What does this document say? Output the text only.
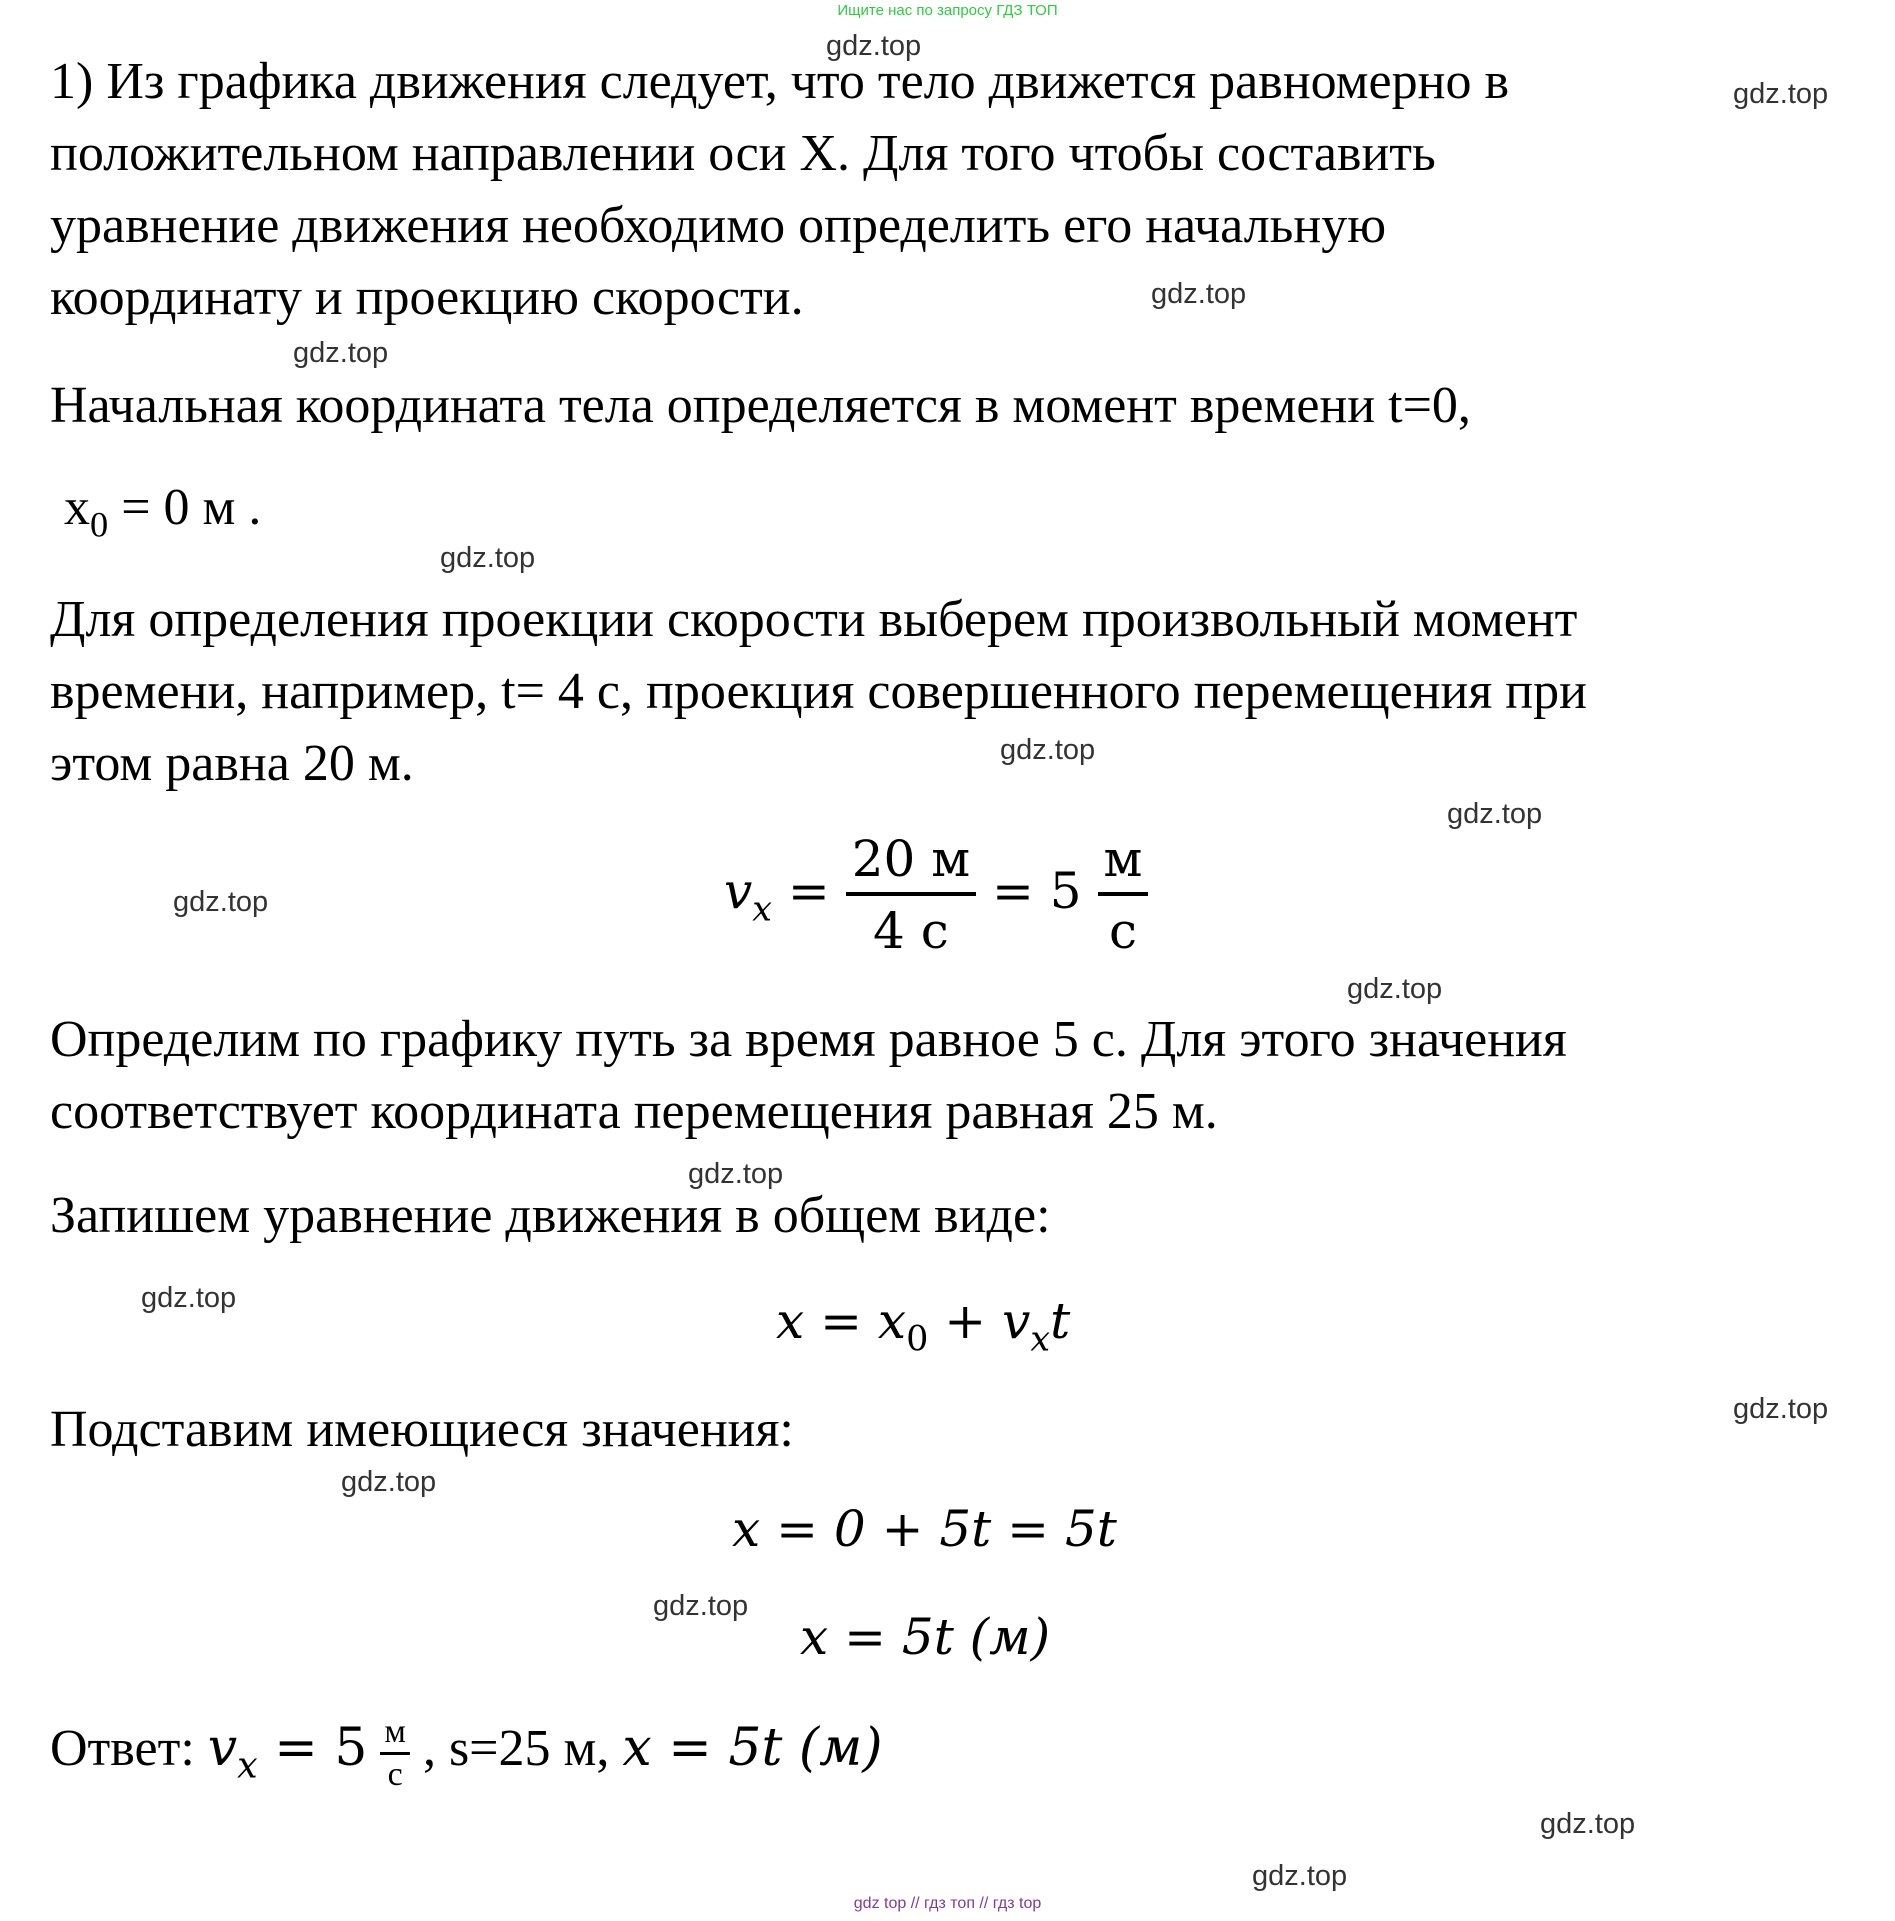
Ищите нас по запросу ГДЗ ТОП
gdz.top
gdz.top
gdz.top
gdz.top
gdz.top
gdz.top
gdz.top
gdz.top
gdz.top
gdz.top
gdz.top
gdz.top
gdz.top
gdz.top
gdz.top
gdz.top
1) Из графика движения следует, что тело движется равномерно в
положительном направлении оси X. Для того чтобы составить
уравнение движения необходимо определить его начальную
координату и проекцию скорости.
Начальная координата тела определяется в момент времени t=0,
$x_0 = 0$ м .
Для определения проекции скорости выберем произвольный момент
времени, например, t= 4 с, проекция совершенного перемещения при
этом равна 20 м.
$v_x = \frac{20 м}{4 с} = 5 \frac{м}{с}$
Определим по графику путь за время равное 5 с. Для этого значения
соответствует координата перемещения равная 25 м.
Запишем уравнение движения в общем виде:
$x = x_0 + v_xt$
Подставим имеющиеся значения:
x = 0 + 5t = 5t
x = 5t (м)
Ответ: $v_x = 5 \frac{м}{с}$ , s=25 м, x = 5t (м)
gdz top // гдз топ // гдз top
